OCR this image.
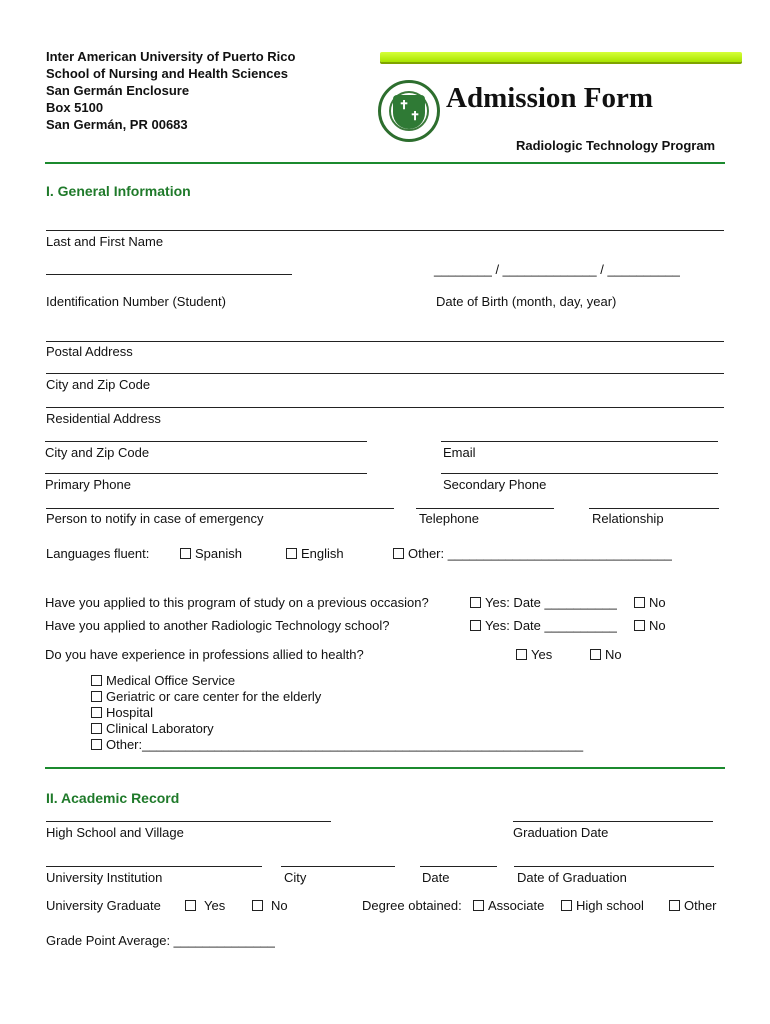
Inter American University of Puerto Rico
School of Nursing and Health Sciences
San Germán Enclosure
Box 5100
San Germán, PR 00683
✝
✝
Admission Form
Radiologic Technology Program
I. General Information
Last and First Name
________ / _____________ / __________
Identification Number (Student)	Date of Birth (month, day, year)
Postal Address
City and Zip Code
Residential Address
City and Zip Code	Email
Primary Phone	Secondary Phone
Person to notify in case of emergency	Telephone	Relationship
Languages fluent:	Spanish	English	Other: _______________________________
Have you applied to this program of study on a previous occasion?	Yes: Date __________	No
Have you applied to another Radiologic Technology school?	Yes: Date __________	No
Do you have experience in professions allied to health?	Yes	No
Medical Office Service
Geriatric or care center for the elderly
Hospital
Clinical Laboratory
Other:_____________________________________________________________
II. Academic Record
High School and Village	Graduation Date
University Institution	City	Date	Date of Graduation
University Graduate	Yes	No	Degree obtained:	Associate	High school	Other
Grade Point Average: ______________
